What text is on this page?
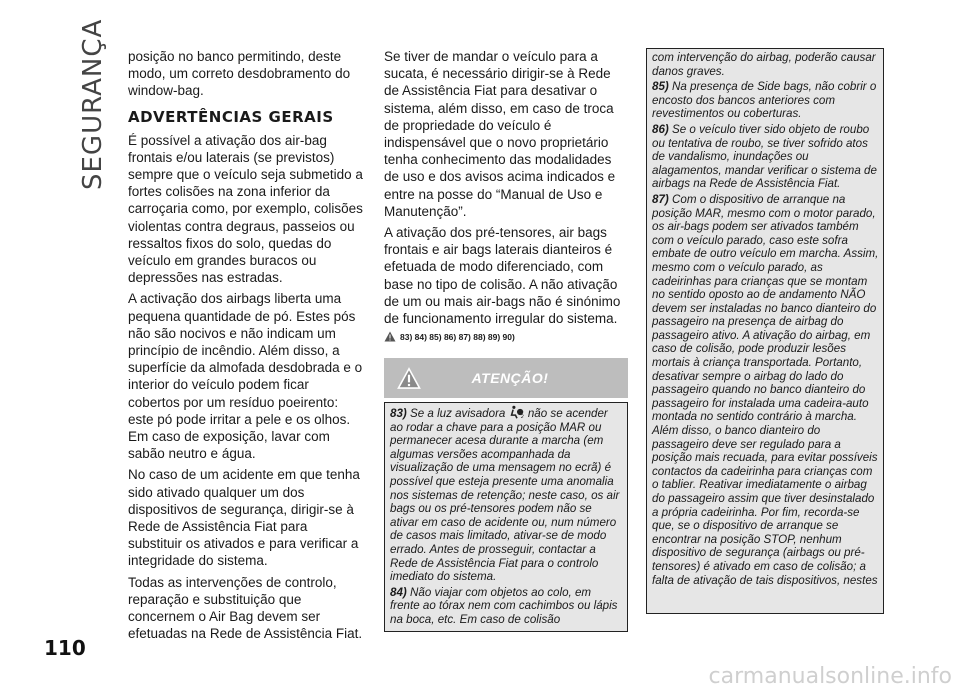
SEGURANÇA posição no banco permitindo, deste modo, um correto desdobramento do window-bag.

ADVERTÊNCIAS GERAIS

É possível a ativação dos air-bag frontais e/ou laterais (se previstos) sempre que o veículo seja submetido a fortes colisões na zona inferior da carroçaria como, por exemplo, colisões violentas contra degraus, passeios ou ressaltos fixos do solo, quedas do veículo em grandes buracos ou depressões nas estradas.

A activação dos airbags liberta uma pequena quantidade de pó. Estes pós não são nocivos e não indicam um princípio de incêndio. Além disso, a superfície da almofada desdobrada e o interior do veículo podem ficar cobertos por um resíduo poeirento: este pó pode irritar a pele e os olhos. Em caso de exposição, lavar com sabão neutro e água.

No caso de um acidente em que tenha sido ativado qualquer um dos dispositivos de segurança, dirigir-se à Rede de Assistência Fiat para substituir os ativados e para verificar a integridade do sistema.

Todas as intervenções de controlo, reparação e substituição que concernem o Air Bag devem ser efetuadas na Rede de Assistência Fiat.

Se tiver de mandar o veículo para a sucata, é necessário dirigir-se à Rede de Assistência Fiat para desativar o sistema, além disso, em caso de troca de propriedade do veículo é indispensável que o novo proprietário tenha conhecimento das modalidades de uso e dos avisos acima indicados e entre na posse do “Manual de Uso e Manutenção”.

A ativação dos pré-tensores, air bags frontais e air bags laterais dianteiros é efetuada de modo diferenciado, com base no tipo de colisão. A não ativação de um ou mais air-bags não é sinónimo de funcionamento irregular do sistema.

83) 84) 85) 86) 87) 88) 89) 90)
ATENÇÃO!

83) Se a luz avisadora	2 não se acender ao rodar a chave para a posição MAR ou permanecer acesa durante a marcha (em algumas versões acompanhada da visualização de uma mensagem no ecrã) é possível que esteja presente uma anomalia nos sistemas de retenção; neste caso, os air bags ou os pré-tensores podem não se ativar em caso de acidente ou, num número de casos mais limitado, ativar-se de modo errado. Antes de prosseguir, contactar a Rede de Assistência Fiat para o controlo imediato do sistema.

84) Não viajar com objetos ao colo, em frente ao tórax nem com cachimbos ou lápis na boca, etc. Em caso de colisão

com intervenção do airbag, poderão causar danos graves.

85) Na presença de Side bags, não cobrir o encosto dos bancos anteriores com revestimentos ou coberturas.

86) Se o veículo tiver sido objeto de roubo ou tentativa de roubo, se tiver sofrido atos de vandalismo, inundações ou alagamentos, mandar verificar o sistema de airbags na Rede de Assistência Fiat.

87) Com o dispositivo de arranque na posição MAR, mesmo com o motor parado, os air-bags podem ser ativados também com o veículo parado, caso este sofra embate de outro veículo em marcha. Assim, mesmo com o veículo parado, as cadeirinhas para crianças que se montam no sentido oposto ao de andamento NÃO devem ser instaladas no banco dianteiro do passageiro na presença de airbag do passageiro ativo. A ativação do airbag, em caso de colisão, pode produzir lesões mortais à criança transportada. Portanto, desativar sempre o airbag do lado do passageiro quando no banco dianteiro do passageiro for instalada uma cadeira-auto montada no sentido contrário à marcha. Além disso, o banco dianteiro do passageiro deve ser regulado para a posição mais recuada, para evitar possíveis contactos da cadeirinha para crianças com o tablier. Reativar imediatamente o airbag do passageiro assim que tiver desinstalado a própria cadeirinha. Por fim, recorda-se que, se o dispositivo de arranque se encontrar na posição STOP, nenhum dispositivo de segurança (airbags ou pré-tensores) é ativado em caso de colisão; a falta de ativação de tais dispositivos, nestes

110
carmanualsonline.info
